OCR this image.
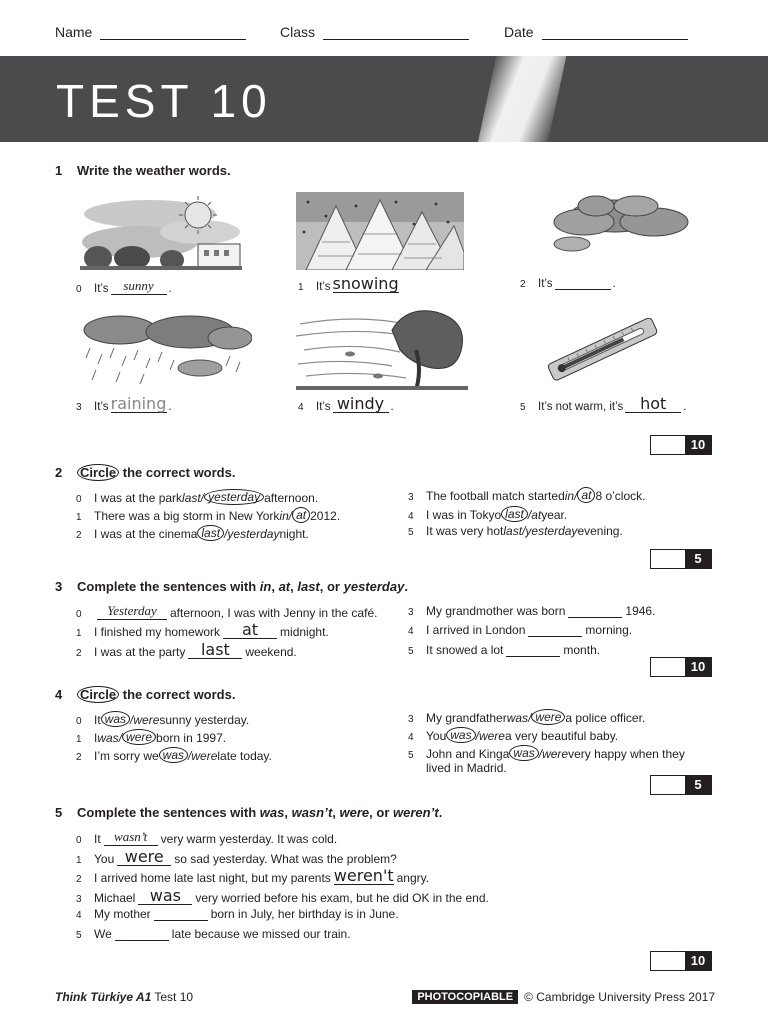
Name	Class	Date
TEST 10
1 Write the weather words.
0	It’s	sunny	.	1	It’s snowing	2	It’s	.
3	It’s raining .	4	It’s windy .	5	It’s not warm, it’s	hot	.
10
2 Circle the correct words.
0	I was at the park last / yesterday afternoon.
1	There was a big storm in New York in / at 2012.
2	I was at the cinema last / yesterday night.
3	The football match started in / at 8 o’clock.
4	I was in Tokyo last / at year.
5	It was very hot last / yesterday evening.
5
3 Complete the sentences with in, at, last, or yesterday.
0	Yesterday	afternoon, I was with Jenny in the café.
1	I finished my homework	at	midnight.
2	I was at the party last	weekend.
3	My grandmother was born	1946.
4	I arrived in London	morning.
5	It snowed a lot	month.
10
4 Circle the correct words.
0	It was / were sunny yesterday.
1	I was / were born in 1997.
2	I’m sorry we was / were late today.
3	My grandfather was / were a police officer.
4	You was / were a very beautiful baby.
5	John and Kinga was / were very happy when they
lived in Madrid.
5
5 Complete the sentences with was, wasn’t, were, or weren’t.
0	It	wasn’t	very warm yesterday. It was cold.
1	You were so sad yesterday. What was the problem?
2	I arrived home late last night, but my parents weren't angry.
3	Michael was	very worried before his exam, but he did OK in the end.
4	My mother	born in July, her birthday is in June.
5	We	late because we missed our train.
10
Think Türkiye A1 Test 10	PHOTOCOPIABLE © Cambridge University Press 2017
